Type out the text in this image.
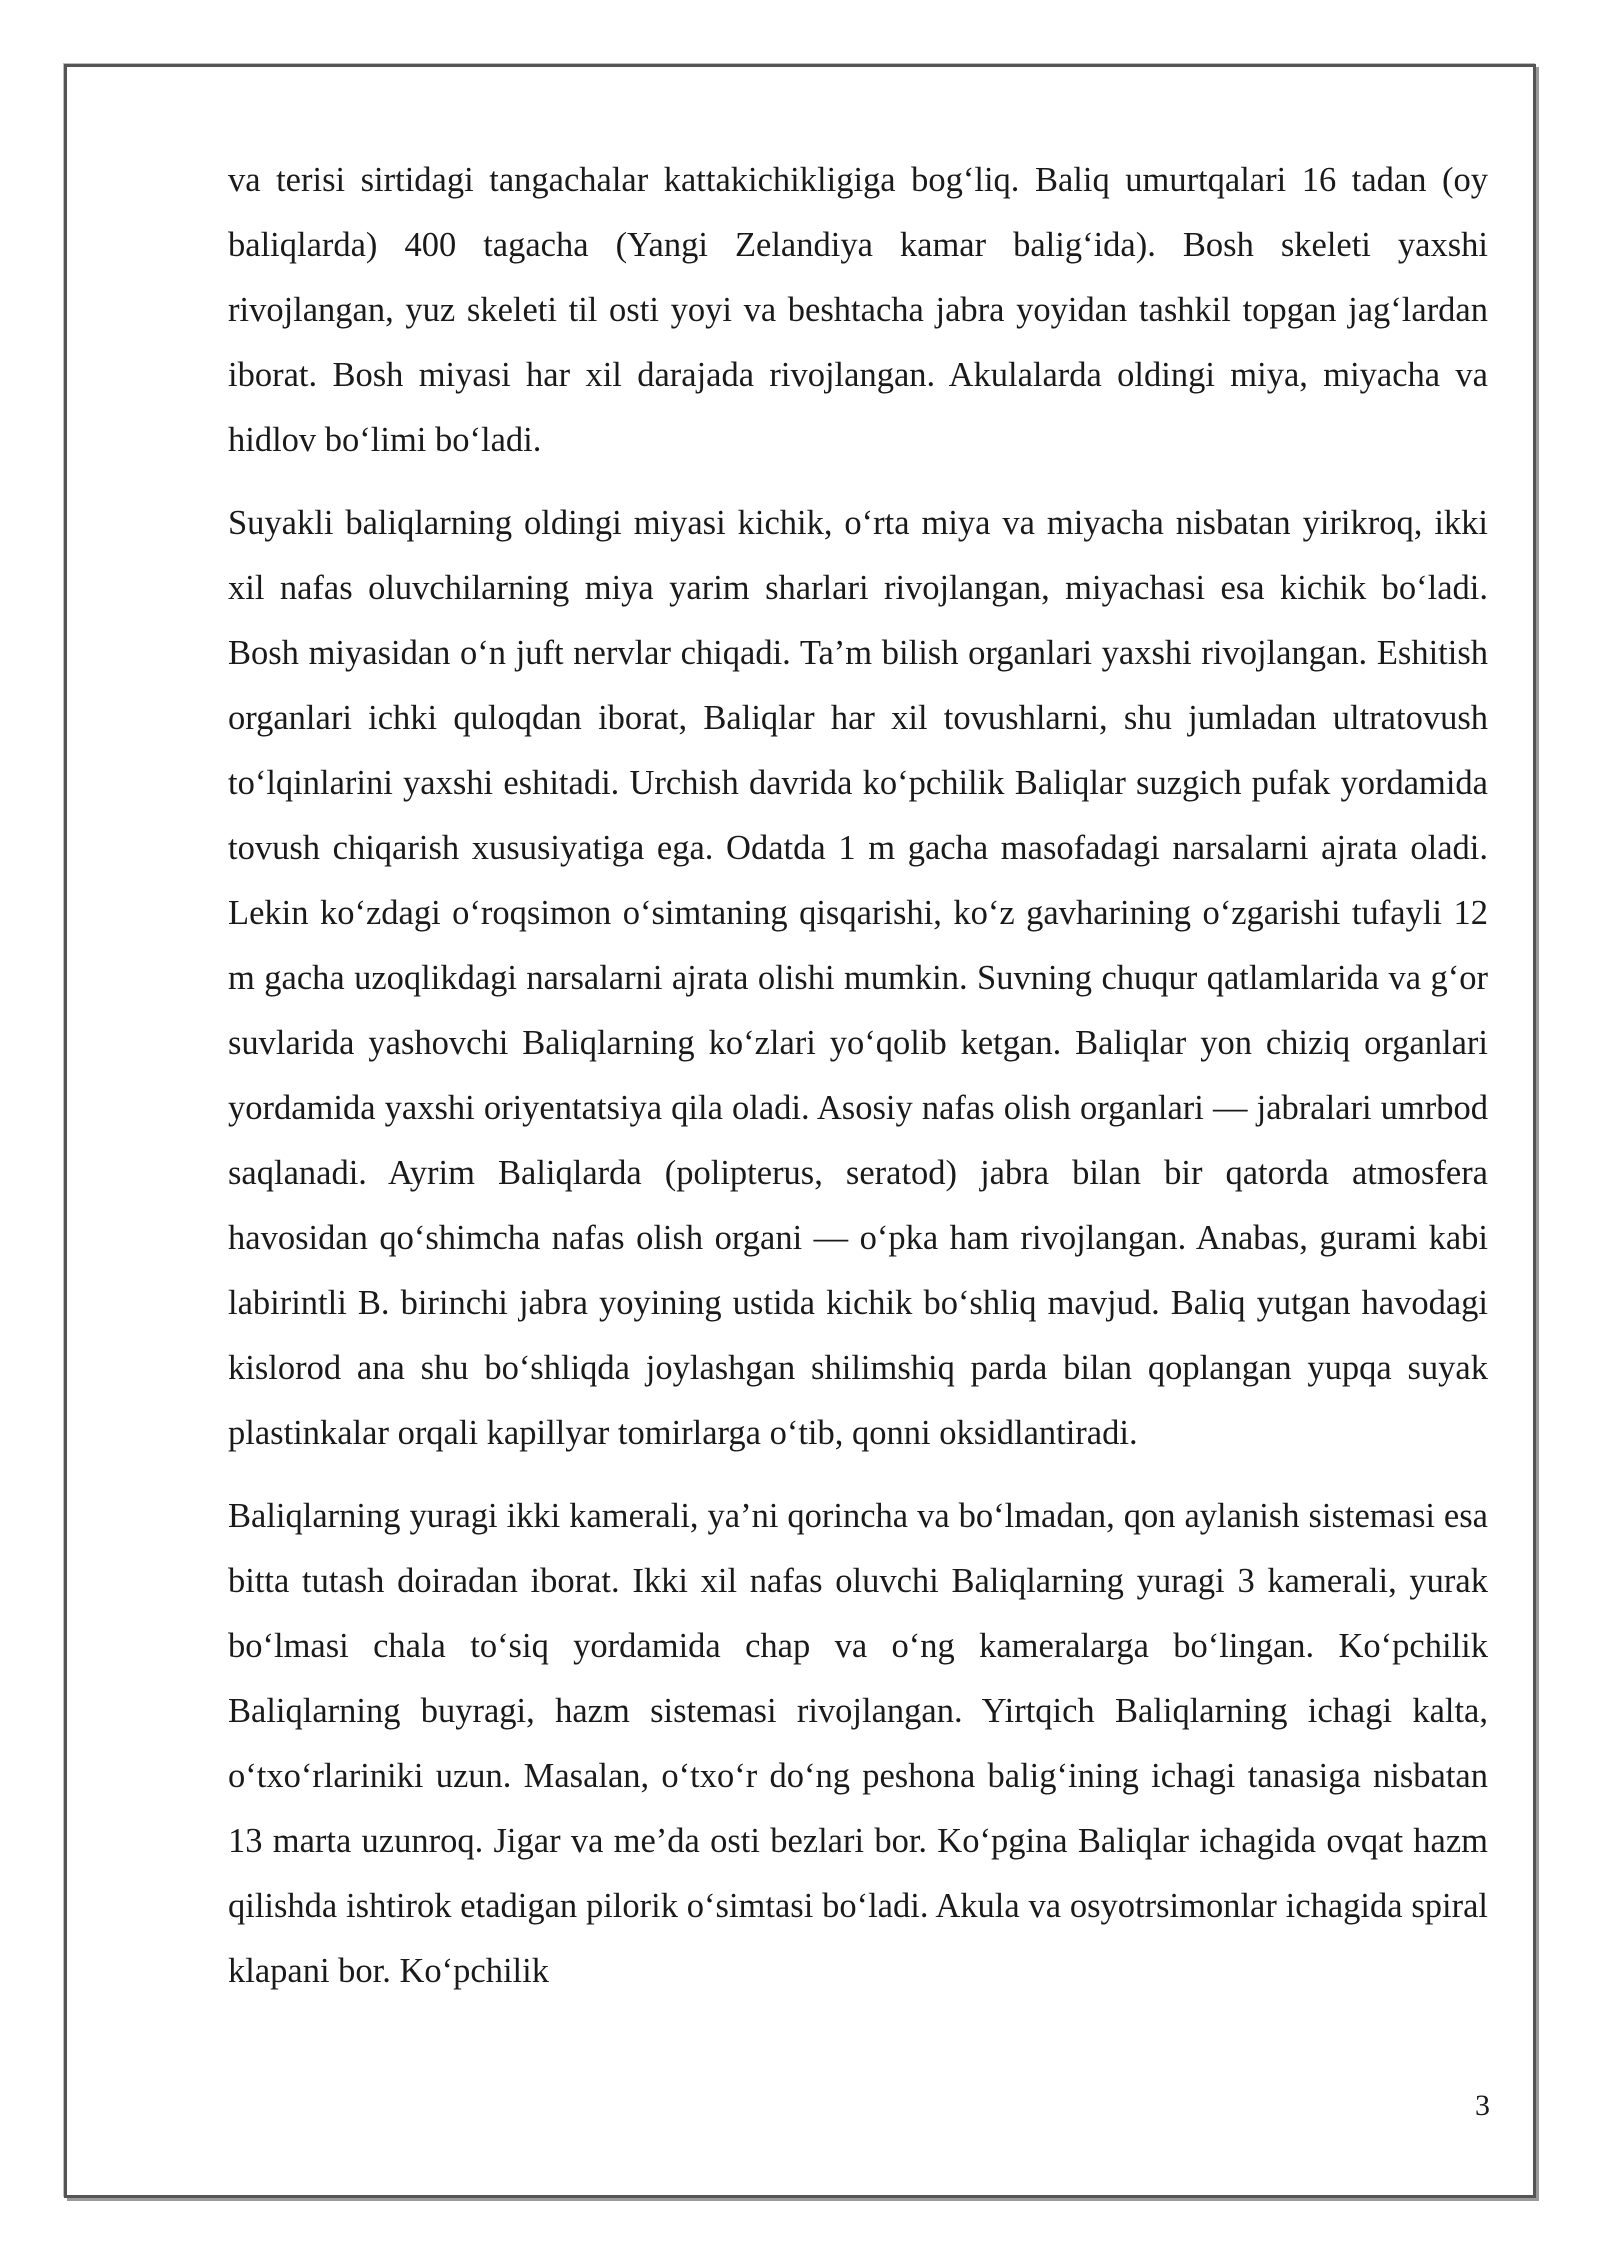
va terisi sirtidagi tangachalar kattakichikligiga bog‘liq. Baliq umurtqalari 16 tadan (oy baliqlarda) 400 tagacha (Yangi Zelandiya kamar balig‘ida). Bosh skeleti yaxshi rivojlangan, yuz skeleti til osti yoyi va beshtacha jabra yoyidan tashkil topgan jag‘lardan iborat. Bosh miyasi har xil darajada rivojlangan. Akulalarda oldingi miya, miyacha va hidlov bo‘limi bo‘ladi.

Suyakli baliqlarning oldingi miyasi kichik, o‘rta miya va miyacha nisbatan yirikroq, ikki xil nafas oluvchilarning miya yarim sharlari rivojlangan, miyachasi esa kichik bo‘ladi. Bosh miyasidan o‘n juft nervlar chiqadi. Ta’m bilish organlari yaxshi rivojlangan. Eshitish organlari ichki quloqdan iborat, Baliqlar har xil tovushlarni, shu jumladan ultratovush to‘lqinlarini yaxshi eshitadi. Urchish davrida ko‘pchilik Baliqlar suzgich pufak yordamida tovush chiqarish xususiyatiga ega. Odatda 1 m gacha masofadagi narsalarni ajrata oladi. Lekin ko‘zdagi o‘roqsimon o‘simtaning qisqarishi, ko‘z gavharining o‘zgarishi tufayli 12 m gacha uzoqlikdagi narsalarni ajrata olishi mumkin. Suvning chuqur qatlamlarida va g‘or suvlarida yashovchi Baliqlarning ko‘zlari yo‘qolib ketgan. Baliqlar yon chiziq organlari yordamida yaxshi oriyentatsiya qila oladi. Asosiy nafas olish organlari — jabralari umrbod saqlanadi. Ayrim Baliqlarda (polipterus, seratod) jabra bilan bir qatorda atmosfera havosidan qo‘shimcha nafas olish organi — o‘pka ham rivojlangan. Anabas, gurami kabi labirintli B. birinchi jabra yoyining ustida kichik bo‘shliq mavjud. Baliq yutgan havodagi kislorod ana shu bo‘shliqda joylashgan shilimshiq parda bilan qoplangan yupqa suyak plastinkalar orqali kapillyar tomirlarga o‘tib, qonni oksidlantiradi.

Baliqlarning yuragi ikki kamerali, ya’ni qorincha va bo‘lmadan, qon aylanish sistemasi esa bitta tutash doiradan iborat. Ikki xil nafas oluvchi Baliqlarning yuragi 3 kamerali, yurak bo‘lmasi chala to‘siq yordamida chap va o‘ng kameralarga bo‘lingan. Ko‘pchilik Baliqlarning buyragi, hazm sistemasi rivojlangan. Yirtqich Baliqlarning ichagi kalta, o‘txo‘rlariniki uzun. Masalan, o‘txo‘r do‘ng peshona balig‘ining ichagi tanasiga nisbatan 13 marta uzunroq. Jigar va me’da osti bezlari bor. Ko‘pgina Baliqlar ichagida ovqat hazm qilishda ishtirok etadigan pilorik o‘simtasi bo‘ladi. Akula va osyotrsimonlar ichagida spiral klapani bor. Ko‘pchilik

3
